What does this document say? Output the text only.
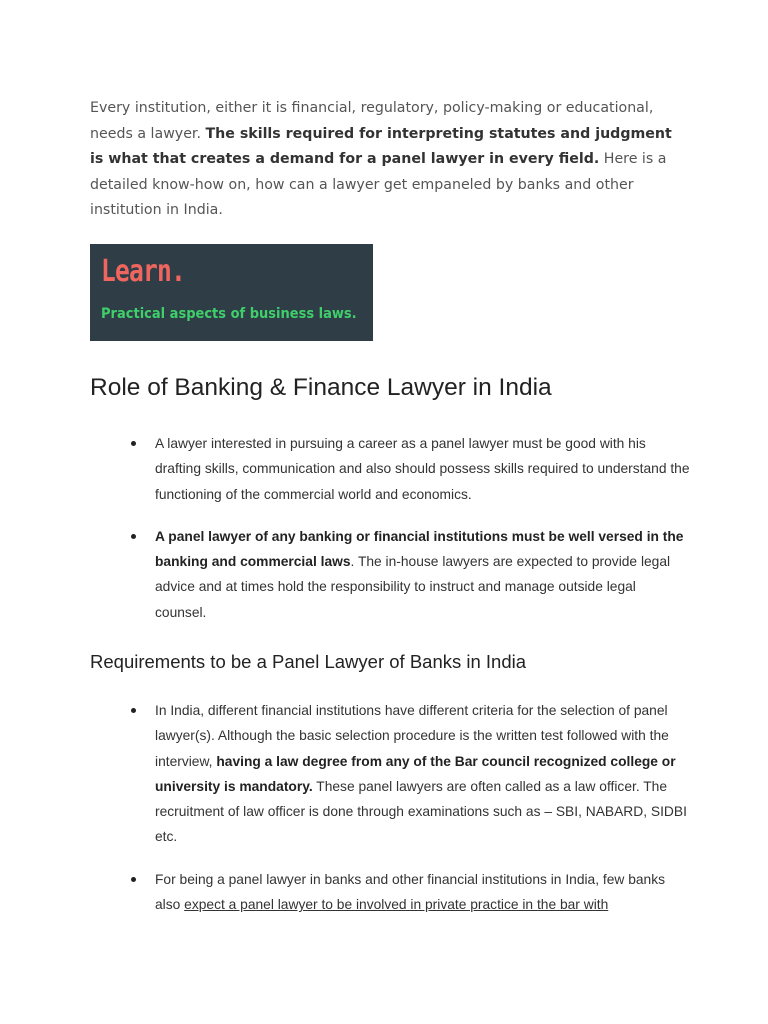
Every institution, either it is financial, regulatory, policy-making or educational, needs a lawyer. The skills required for interpreting statutes and judgment is what that creates a demand for a panel lawyer in every field. Here is a detailed know-how on, how can a lawyer get empaneled by banks and other institution in India.

Learn.
Practical aspects of business laws.
Role of Banking & Finance Lawyer in India
A lawyer interested in pursuing a career as a panel lawyer must be good with his drafting skills, communication and also should possess skills required to understand the functioning of the commercial world and economics.
A panel lawyer of any banking or financial institutions must be well versed in the banking and commercial laws. The in-house lawyers are expected to provide legal advice and at times hold the responsibility to instruct and manage outside legal counsel.
Requirements to be a Panel Lawyer of Banks in India
In India, different financial institutions have different criteria for the selection of panel lawyer(s). Although the basic selection procedure is the written test followed with the interview, having a law degree from any of the Bar council recognized college or university is mandatory. These panel lawyers are often called as a law officer. The recruitment of law officer is done through examinations such as – SBI, NABARD, SIDBI etc.
For being a panel lawyer in banks and other financial institutions in India, few banks also expect a panel lawyer to be involved in private practice in the bar with
